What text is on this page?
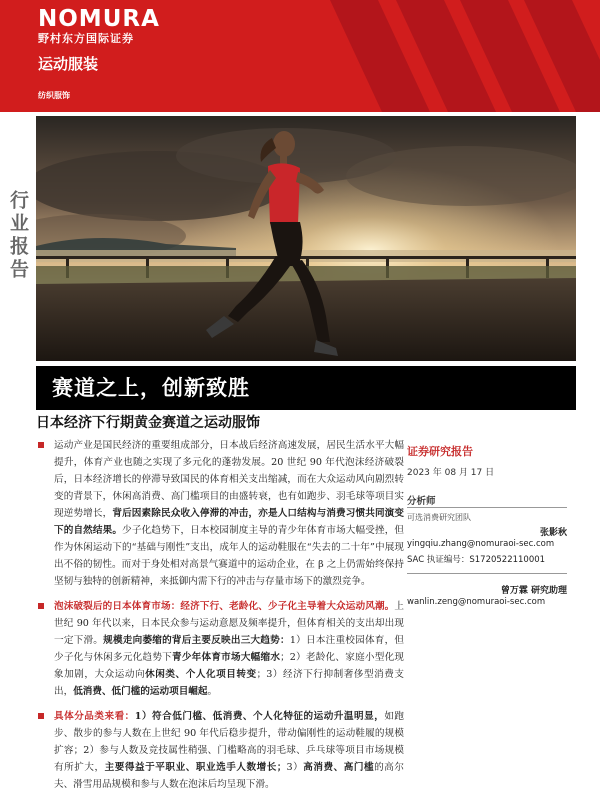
NOMURA
野村东方国际证券
运动服装
纺织服饰
行业报告
赛道之上，创新致胜
日本经济下行期黄金赛道之运动服饰

运动产业是国民经济的重要组成部分，日本战后经济高速发展，居民生活水平大幅提升，体育产业也随之实现了多元化的蓬勃发展。20 世纪 90 年代泡沫经济破裂后，日本经济增长的停滞导致国民的体育相关支出缩减，而在大众运动风向剧烈转变的背景下，休闲高消费、高门槛项目的由盛转衰，也有如跑步、羽毛球等项目实现逆势增长，背后因素除民众收入停滞的冲击，亦是人口结构与消费习惯共同演变下的自然结果。少子化趋势下，日本校园制度主导的青少年体育市场大幅受挫，但作为休闲运动下的“基础与刚性”支出，成年人的运动鞋服在“失去的二十年”中展现出不俗的韧性。而对于身处相对高景气赛道中的运动企业，在 β 之上仍需始终保持坚韧与独特的创新精神，来抵御内需下行的冲击与存量市场下的激烈竞争。

泡沫破裂后的日本体育市场：经济下行、老龄化、少子化主导着大众运动风潮。上世纪 90 年代以来，日本民众参与运动意愿及频率提升，但体育相关的支出却出现一定下滑。规模走向萎缩的背后主要反映出三大趋势：1）日本注重校园体育，但少子化与休闲多元化趋势下青少年体育市场大幅缩水；2）老龄化、家庭小型化现象加剧，大众运动向休闲类、个人化项目转变；3）经济下行抑制奢侈型消费支出，低消费、低门槛的运动项目崛起。

具体分品类来看：1）符合低门槛、低消费、个人化特征的运动升温明显，如跑步、散步的参与人数在上世纪 90 年代后稳步提升，带动偏刚性的运动鞋履的规模扩容；2）参与人数及竞技属性稍强、门槛略高的羽毛球、乒乓球等项目市场规模有所扩大，主要得益于平职业、职业选手人数增长；3）高消费、高门槛的高尔夫、滑雪用品规模和参与人数在泡沫后均呈现下滑。

证券研究报告
2023 年 08 月 17 日
分析师
可选消费研究团队
张影秋
yingqiu.zhang@nomuraoi-sec.com
SAC 执证编号：S1720522110001
曾万霖 研究助理
wanlin.zeng@nomuraoi-sec.com
